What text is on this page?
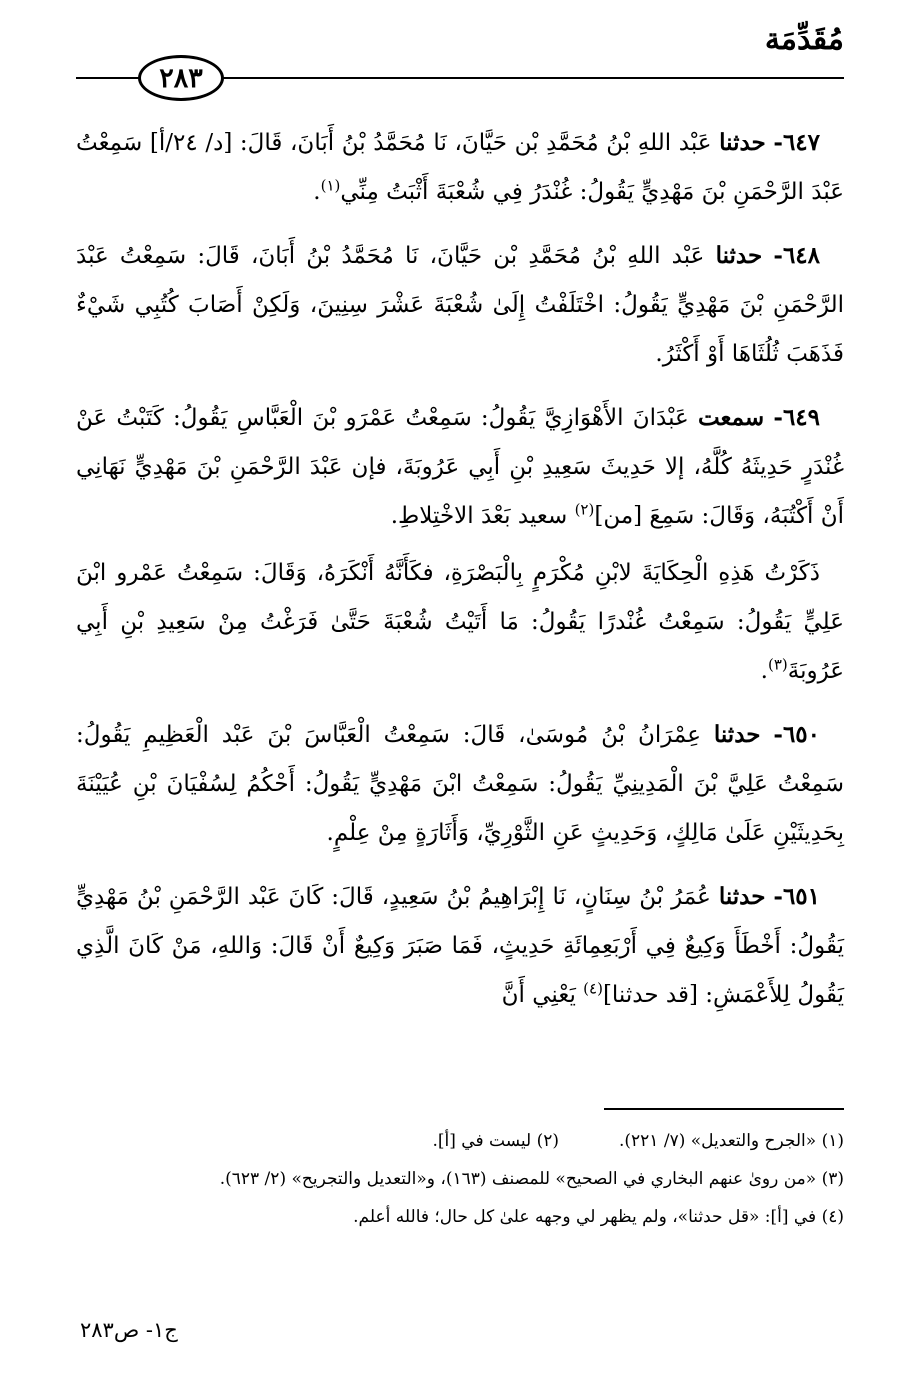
مُقَدِّمَة
٢٨٣

٦٤٧- حدثنا عَبْد اللهِ بْنُ مُحَمَّدِ بْن حَيَّانَ، نَا مُحَمَّدُ بْنُ أَبَانَ، قَالَ: [د/ ٢٤/أ] سَمِعْتُ عَبْدَ الرَّحْمَنِ بْنَ مَهْدِيٍّ يَقُولُ: غُنْدَرُ فِي شُعْبَةَ أَثْبَتُ مِنِّي$^{(١)}$.

٦٤٨- حدثنا عَبْد اللهِ بْنُ مُحَمَّدِ بْن حَيَّانَ، نَا مُحَمَّدُ بْنُ أَبَانَ، قَالَ: سَمِعْتُ عَبْدَ الرَّحْمَنِ بْنَ مَهْدِيٍّ يَقُولُ: اخْتَلَفْتُ إِلَىٰ شُعْبَةَ عَشْرَ سِنِينَ، وَلَكِنْ أَصَابَ كُتُبِي شَيْءٌ فَذَهَبَ ثُلُثَاهَا أَوْ أَكْثَرُ.

٦٤٩- سمعت عَبْدَانَ الأَهْوَازِيَّ يَقُولُ: سَمِعْتُ عَمْرَو بْنَ الْعَبَّاسِ يَقُولُ: كَتَبْتُ عَنْ غُنْدَرٍ حَدِيثَهُ كُلَّهُ، إلا حَدِيثَ سَعِيدِ بْنِ أَبِي عَرُوبَةَ، فإن عَبْدَ الرَّحْمَنِ بْنَ مَهْدِيٍّ نَهَانِي أَنْ أَكْتُبَهُ، وَقَالَ: سَمِعَ [من]$^{(٢)}$ سعيد بَعْدَ الاخْتِلاطِ.

ذَكَرْتُ هَذِهِ الْحِكَايَةَ لابْنِ مُكْرَمٍ بِالْبَصْرَةِ، فكَأَنَّهُ أَنْكَرَهُ، وَقَالَ: سَمِعْتُ عَمْرو ابْنَ عَلِيٍّ يَقُولُ: سَمِعْتُ غُنْدرًا يَقُولُ: مَا أَتَيْتُ شُعْبَةَ حَتَّىٰ فَرَغْتُ مِنْ سَعِيدِ بْنِ أَبِي عَرُوبَةَ$^{(٣)}$.

٦٥٠- حدثنا عِمْرَانُ بْنُ مُوسَىٰ، قَالَ: سَمِعْتُ الْعَبَّاسَ بْنَ عَبْد الْعَظِيمِ يَقُولُ: سَمِعْتُ عَلِيَّ بْنَ الْمَدِينِيِّ يَقُولُ: سَمِعْتُ ابْنَ مَهْدِيٍّ يَقُولُ: أَحْكُمُ لِسُفْيَانَ بْنِ عُيَيْنَةَ بِحَدِيثَيْنِ عَلَىٰ مَالِكٍ، وَحَدِيثٍ عَنِ الثَّوْرِيِّ، وَأَثَارَةٍ مِنْ عِلْمٍ.

٦٥١- حدثنا عُمَرُ بْنُ سِنَانٍ، نَا إِبْرَاهِيمُ بْنُ سَعِيدٍ، قَالَ: كَانَ عَبْد الرَّحْمَنِ بْنُ مَهْدِيٍّ يَقُولُ: أَخْطَأَ وَكِيعٌ فِي أَرْبَعِمِائَةِ حَدِيثٍ، فَمَا صَبَرَ وَكِيعٌ أَنْ قَالَ: وَاللهِ، مَنْ كَانَ الَّذِي يَقُولُ لِلأَعْمَشِ: [قد حدثنا]$^{(٤)}$ يَعْنِي أَنَّ

(١) «الجرح والتعديل» (٧/ ٢٢١).(٢) ليست في [أ].
(٣) «من رویٰ عنهم البخاري في الصحيح» للمصنف (١٦٣)، و«التعديل والتجريح» (٢/ ٦٢٣).
(٤) في [أ]: «قل حدثنا»، ولم يظهر لي وجهه علىٰ كل حال؛ فالله أعلم.
ج١- ص٢٨٣
